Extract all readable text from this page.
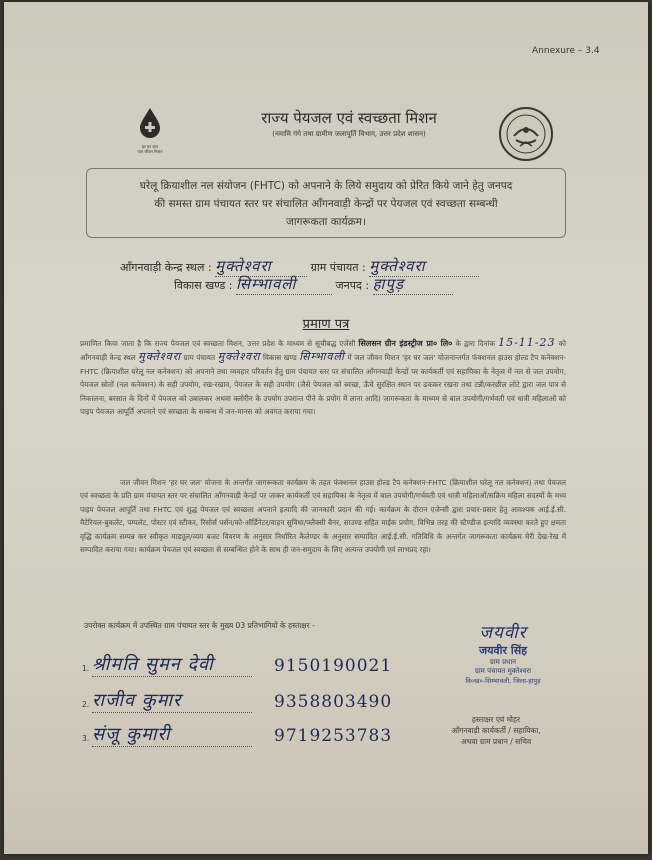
Annexure – 3.4
हर घर जल
जल जीवन मिशन
राज्य पेयजल एवं स्वच्छता मिशन
(नमामि गंगे तथा ग्रामीण जलापूर्ति विभाग, उत्तर प्रदेश शासन)
घरेलू क्रियाशील नल संयोजन (FHTC) को अपनाने के लिये समुदाय को प्रेरित किये जाने हेतु जनपद
की समस्त ग्राम पंचायत स्तर पर संचालित आँगनवाड़ी केन्द्रों पर पेयजल एवं स्वच्छता सम्बन्धी
जागरूकता कार्यक्रम।
आँगनवाड़ी केन्द्र स्थल : मुक्तेश्वरा	ग्राम पंचायत : मुक्तेश्वरा
विकास खण्ड : सिम्भावली	जनपद : हापुड़
प्रमाण पत्र
प्रमाणित किया जाता है कि राज्य पेयजल एवं स्वच्छता मिशन, उत्तर प्रदेश के माध्यम से सूचीबद्ध एजेंसी सिलसन ग्रीन इंडस्ट्रीज प्रा० लि० के द्वारा दिनांक 15-11-23 को आँगनवाड़ी केन्द्र स्थल मुक्तेश्वरा ग्राम पंचायत मुक्तेश्वरा विकास खण्ड सिम्भावली में जल जीवन मिशन 'हर घर जल' योजनान्तर्गत फंक्शनल हाउस होल्ड टैप कनेक्शन-FHTC (क्रियाशील घरेलू नल कनेक्शन) को अपनाने तथा व्यवहार परिवर्तन हेतु ग्राम पंचायत स्तर पर संचालित आँगनवाड़ी केन्द्रों पर कार्यकर्ती एवं सहायिका के नेतृत्व में नल से जल उपयोग, पेयजल स्रोतों (नल कनेक्शन) के सही उपयोग, रख-रखाव, पेयजल के सही उपयोग (जैसे पेयजल को स्वच्छ, ऊँचे सुरक्षित स्थान पर ढककर रखना तथा टन्नी/करछील लोटे द्वारा जल पात्र से निकालना, बरसात के दिनों में पेयजल को उबालकर अथवा क्लोरीन के उपयोग उपरान्त पीने के प्रयोग में लाना आदि) जागरूकता के माध्यम से बाल उपयोगी/गर्भवती एवं धात्री महिलाओं को पाइप पेयजल आपूर्ति अपनाने एवं स्वच्छता के सम्बन्ध में जन-मानस को अवगत कराया गया।
जल जीवन मिशन 'हर घर जल' योजना के अन्तर्गत जागरूकता कार्यक्रम के तहत फंक्शनल हाउस होल्ड टैप कनेक्शन-FHTC (क्रियाशील घरेलू नल कनेक्शन) तथा पेयजल एवं स्वच्छता के प्रति ग्राम पंचायत स्तर पर संचालित आँगनवाड़ी केन्द्रों पर जाकर कार्यकर्ती एवं सहायिका के नेतृत्व में बाल उपयोगी/गर्भवती एवं धात्री महिलाओं/सक्रिय महिला सदस्यों के मध्य पाइप पेयजल आपूर्ति तथा FHTC एवं शुद्ध पेयजल एवं स्वच्छता अपनाने इत्यादि की जानकारी प्रदान की गई। कार्यक्रम के दौरान एजेन्सी द्वारा प्रचार-प्रसार हेतु आवश्यक आई.ई.सी. मैटेरियल-बुकलेट, पम्पलेट, पोस्टर एवं स्टीकर, रिसोर्स पर्सन/को-ऑर्डिनेटर/वाहन सुविधा/फ्लैक्सी बैनर, साउण्ड सहित माईक प्रयोग, विभिन्न तरह की स्टैण्डीज इत्यादि व्यवस्था करते हुए क्षमता वृद्धि कार्यक्रम सम्पन्न कर स्वीकृत माड्यूल/व्यय बजट विवरण के अनुसार निर्धारित कैलेण्डर के अनुसार सम्पादित आई.ई.सी. गतिविधि के अन्तर्गत जागरूकता कार्यक्रम मेरी देख-रेख में सम्पादित कराया गया। कार्यक्रम पेयजल एवं स्वच्छता से सम्बन्धित होने के साथ ही जन-समुदाय के लिए अत्यन्त उपयोगी एवं लाभप्रद रहा।
उपरोक्त कार्यक्रम में उपस्थित ग्राम पंचायत स्तर के मुख्य 03 प्रतिभागियों के हस्ताक्षर -
1. श्रीमति सुमन देवी	9150190021
2. राजीव कुमार	9358803490
3. संजू कुमारी	9719253783
जयवीर
जयवीर सिंह
ग्राम प्रधान
ग्राम पंचायत मुक्तेश्वरा
वि०ख०-सिम्भावली, जिला-हापुड़
हस्ताक्षर एवं मोहर
आँगनवाड़ी कार्यकर्ती / सहायिका,
अथवा ग्राम प्रधान / सचिव
